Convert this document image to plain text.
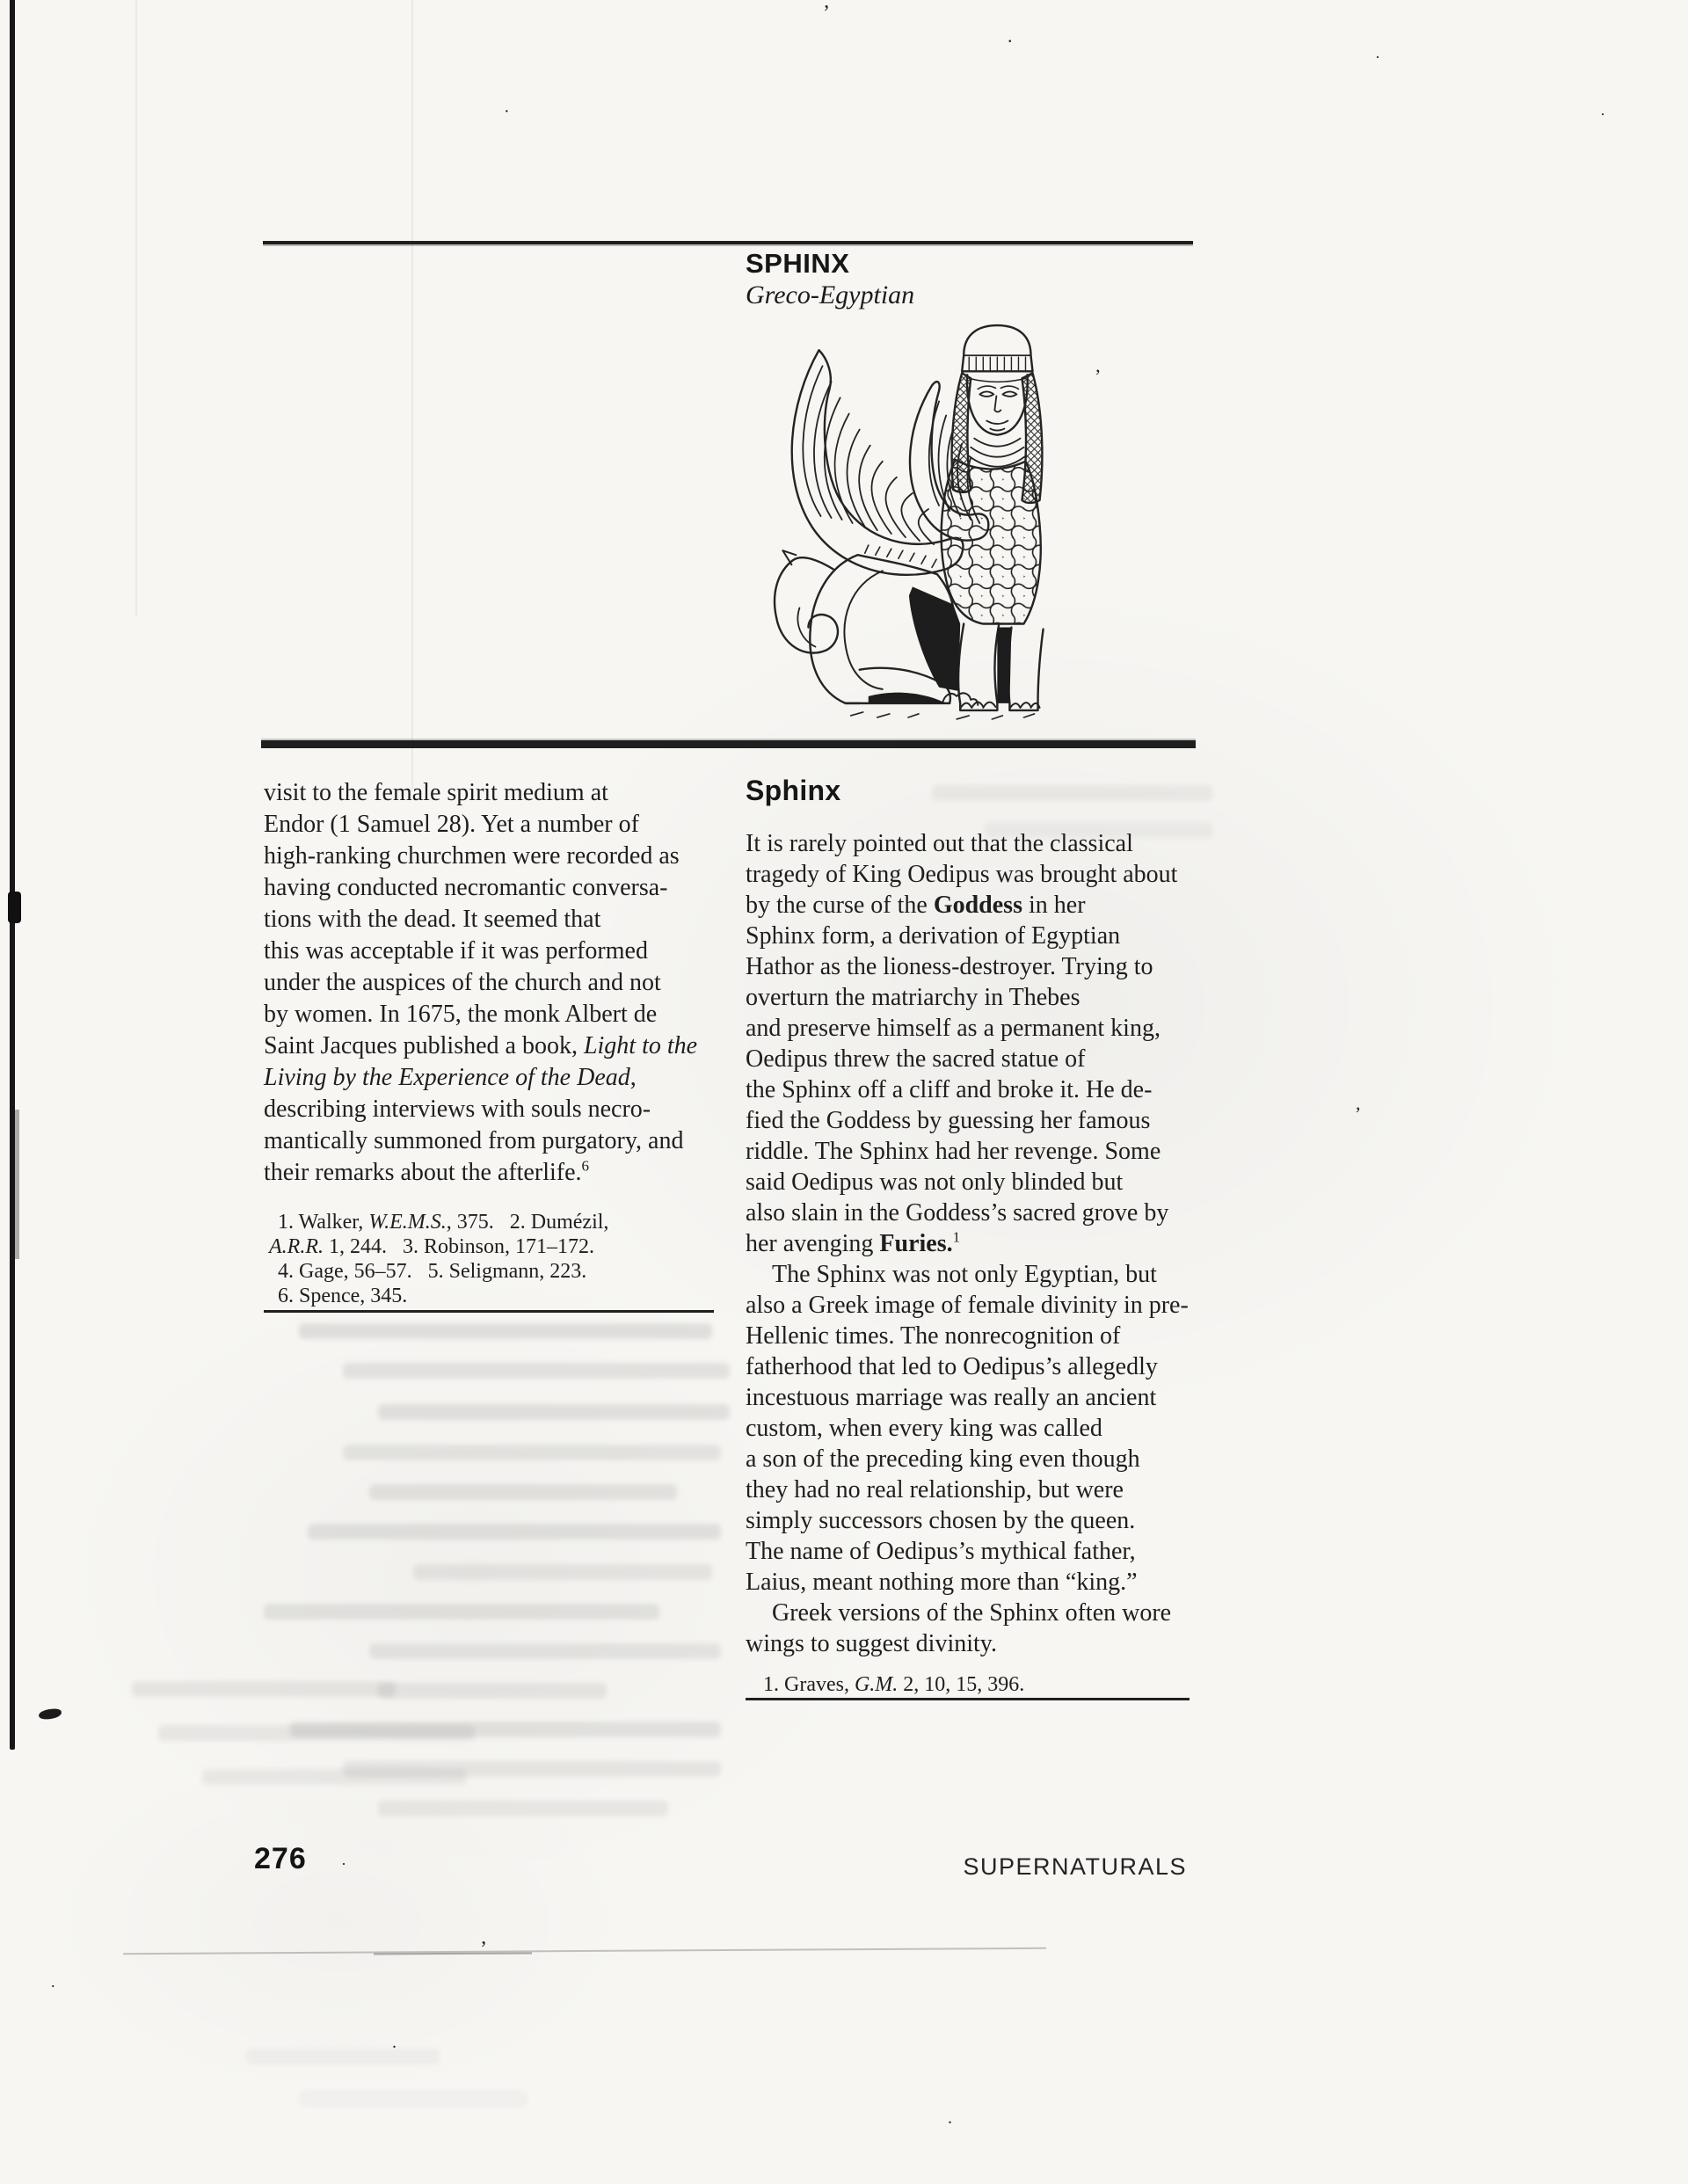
’
.
·
·
·
’
,
·
’
.
.
.
SPHINX
Greco-Egyptian
visit to the female spirit medium at
Endor (1 Samuel 28). Yet a number of
high-ranking churchmen were recorded as
having conducted necromantic conversa-
tions with the dead. It seemed that
this was acceptable if it was performed
under the auspices of the church and not
by women. In 1675, the monk Albert de
Saint Jacques published a book, Light to the
Living by the Experience of the Dead,
describing interviews with souls necro-
mantically summoned from purgatory, and
their remarks about the afterlife.$^6$
1. Walker, W.E.M.S., 375.   2. Dumézil,
A.R.R. 1, 244.   3. Robinson, 171–172.
4. Gage, 56–57.   5. Seligmann, 223.
6. Spence, 345.
Sphinx
It is rarely pointed out that the classical
tragedy of King Oedipus was brought about
by the curse of the Goddess in her
Sphinx form, a derivation of Egyptian
Hathor as the lioness-destroyer. Trying to
overturn the matriarchy in Thebes
and preserve himself as a permanent king,
Oedipus threw the sacred statue of
the Sphinx off a cliff and broke it. He de-
fied the Goddess by guessing her famous
riddle. The Sphinx had her revenge. Some
said Oedipus was not only blinded but
also slain in the Goddess’s sacred grove by
her avenging Furies.$^1$
The Sphinx was not only Egyptian, but
also a Greek image of female divinity in pre-
Hellenic times. The nonrecognition of
fatherhood that led to Oedipus’s allegedly
incestuous marriage was really an ancient
custom, when every king was called
a son of the preceding king even though
they had no real relationship, but were
simply successors chosen by the queen.
The name of Oedipus’s mythical father,
Laius, meant nothing more than “king.”
Greek versions of the Sphinx often wore
wings to suggest divinity.
1. Graves, G.M. 2, 10, 15, 396.
276	SUPERNATURALS
